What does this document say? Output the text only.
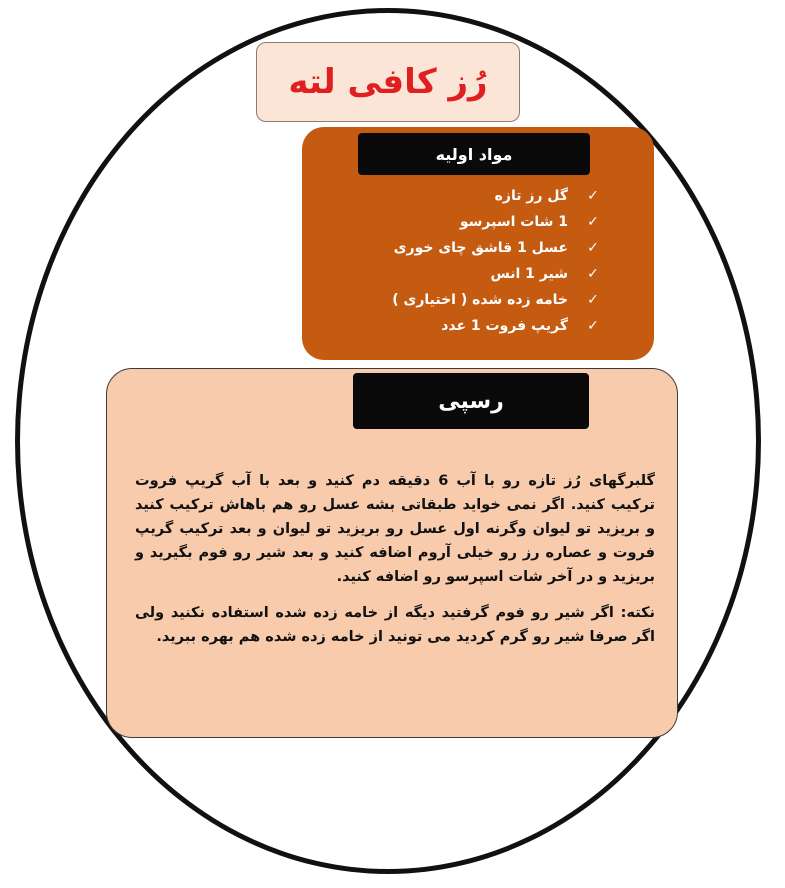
رُز کافی لته
مواد اولیه
✓
گل رز تازه
✓
1 شات اسپرسو
✓
عسل 1 قاشق چای خوری
✓
شیر 1 انس
✓
خامه زده شده ( اختیاری )
✓
گریپ فروت 1 عدد
رسپی

گلبرگهای رُز تازه رو با آب 6 دقیقه دم کنید و بعد با آب گریپ فروت ترکیب کنید. اگر نمی خواید طبقاتی بشه عسل رو هم باهاش ترکیب کنید و بریزید تو لیوان وگرنه اول عسل رو بریزید تو لیوان و بعد ترکیب گریپ فروت و عصاره رز رو خیلی آروم اضافه کنید و بعد شیر رو فوم بگیرید و بریزید و در آخر شات اسپرسو رو اضافه کنید.

نکته: اگر شیر رو فوم گرفتید دیگه از خامه زده شده استفاده نکنید ولی اگر صرفا شیر رو گرم کردید می تونید از خامه زده شده هم بهره ببرید.
